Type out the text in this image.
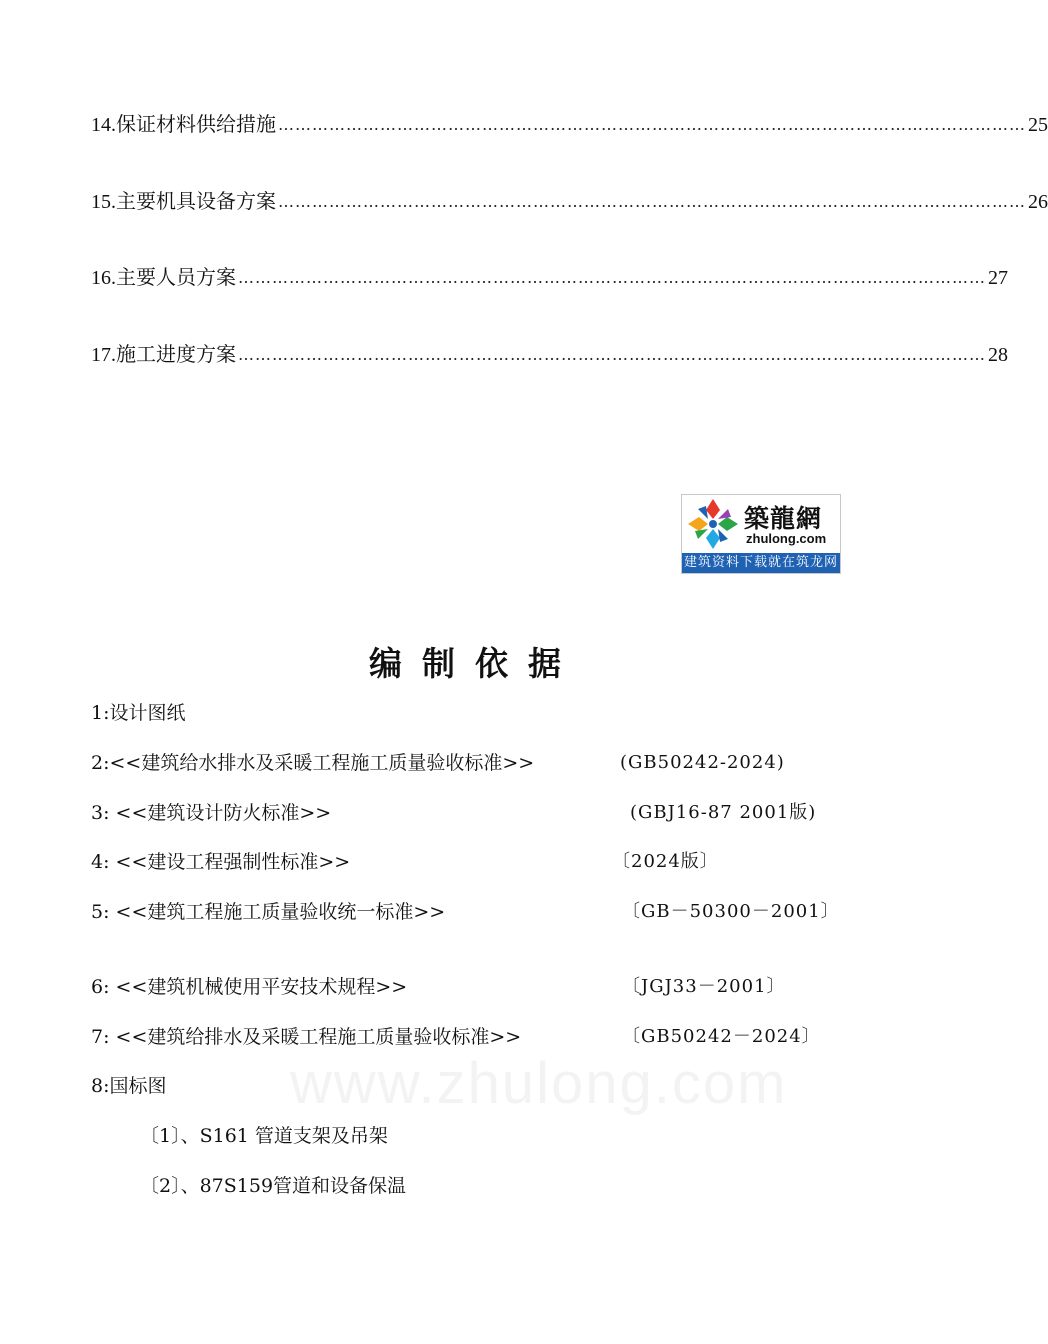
www.zhulong.com
14.保证材料供给措施 …………………………………………………………………………………………………………………… 25
15.主要机具设备方案 …………………………………………………………………………………………………………………… 26
16.主要人员方案 …………………………………………………………………………………………………………………… 27
17.施工进度方案 …………………………………………………………………………………………………………………… 28
築龍網
zhulong.com
建筑资料下载就在筑龙网
编制依据
1:设计图纸
2:<<建筑给水排水及采暖工程施工质量验收标准>>	(GB50242-2024)
3: <<建筑设计防火标准>>	(GBJ16-87 2001版)
4: <<建设工程强制性标准>>	〔2024版〕
5: <<建筑工程施工质量验收统一标准>>	〔GB－50300－2001〕
6: <<建筑机械使用平安技术规程>>	〔JGJ33－2001〕
7: <<建筑给排水及采暖工程施工质量验收标准>>	〔GB50242－2024〕
8:国标图
〔1〕、S161 管道支架及吊架
〔2〕、87S159管道和设备保温
